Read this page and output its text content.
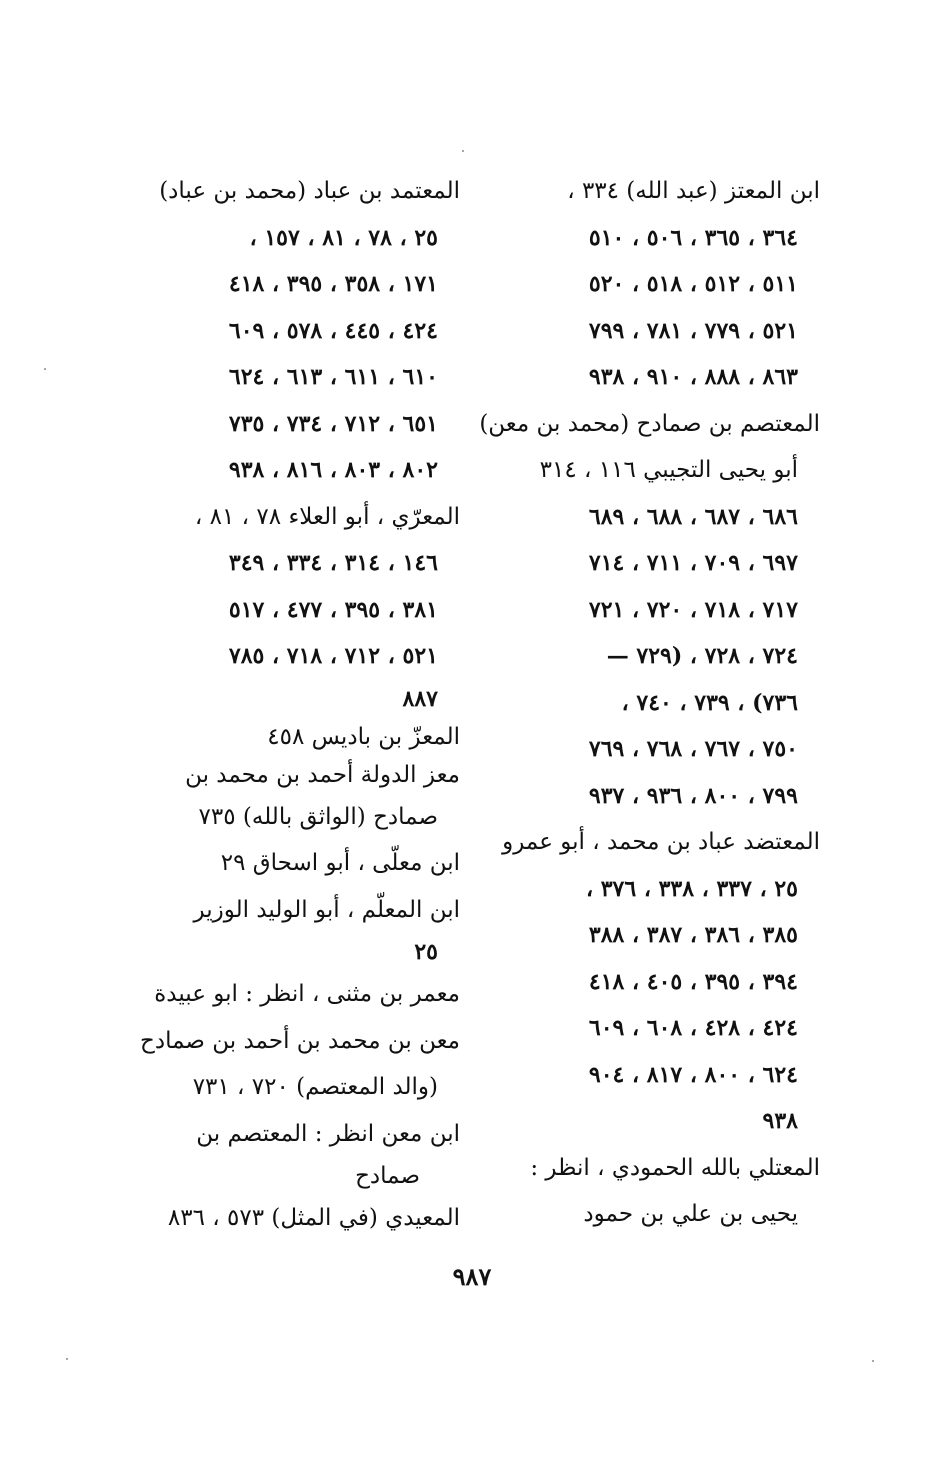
ابن المعتز (عبد الله) ٣٣٤ ،
٣٦٤ ، ٣٦٥ ، ٥٠٦ ، ٥١٠
٥١١ ، ٥١٢ ، ٥١٨ ، ٥٢٠
٥٢١ ، ٧٧٩ ، ٧٨١ ، ٧٩٩
٨٦٣ ، ٨٨٨ ، ٩١٠ ، ٩٣٨
المعتصم بن صمادح (محمد بن معن)
أبو يحيى التجيبي ١١٦ ، ٣١٤
٦٨٦ ، ٦٨٧ ، ٦٨٨ ، ٦٨٩
٦٩٧ ، ٧٠٩ ، ٧١١ ، ٧١٤
٧١٧ ، ٧١٨ ، ٧٢٠ ، ٧٢١
٧٢٤ ، ٧٢٨ ، (٧٢٩ —
٧٣٦) ، ٧٣٩ ، ٧٤٠ ،
٧٥٠ ، ٧٦٧ ، ٧٦٨ ، ٧٦٩
٧٩٩ ، ٨٠٠ ، ٩٣٦ ، ٩٣٧
المعتضد عباد بن محمد ، أبو عمرو
٢٥ ، ٣٣٧ ، ٣٣٨ ، ٣٧٦ ،
٣٨٥ ، ٣٨٦ ، ٣٨٧ ، ٣٨٨
٣٩٤ ، ٣٩٥ ، ٤٠٥ ، ٤١٨
٤٢٤ ، ٤٢٨ ، ٦٠٨ ، ٦٠٩
٦٢٤ ، ٨٠٠ ، ٨١٧ ، ٩٠٤
٩٣٨
المعتلي بالله الحمودي ، انظر :
يحيى بن علي بن حمود
المعتمد بن عباد (محمد بن عباد)
٢٥ ، ٧٨ ، ٨١ ، ١٥٧ ،
١٧١ ، ٣٥٨ ، ٣٩٥ ، ٤١٨
٤٢٤ ، ٤٤٥ ، ٥٧٨ ، ٦٠٩
٦١٠ ، ٦١١ ، ٦١٣ ، ٦٢٤
٦٥١ ، ٧١٢ ، ٧٣٤ ، ٧٣٥
٨٠٢ ، ٨٠٣ ، ٨١٦ ، ٩٣٨
المعرّي ، أبو العلاء ٧٨ ، ٨١ ،
١٤٦ ، ٣١٤ ، ٣٣٤ ، ٣٤٩
٣٨١ ، ٣٩٥ ، ٤٧٧ ، ٥١٧
٥٢١ ، ٧١٢ ، ٧١٨ ، ٧٨٥
٨٨٧
المعزّ بن باديس ٤٥٨
معز الدولة أحمد بن محمد بن
صمادح (الواثق بالله) ٧٣٥
ابن معلّى ، أبو اسحاق ٢٩
ابن المعلّم ، أبو الوليد الوزير
٢٥
معمر بن مثنى ، انظر : ابو عبيدة
معن بن محمد بن أحمد بن صمادح
(والد المعتصم) ٧٢٠ ، ٧٣١
ابن معن انظر : المعتصم بن
صمادح
المعيدي (في المثل) ٥٧٣ ، ٨٣٦
٩٨٧
